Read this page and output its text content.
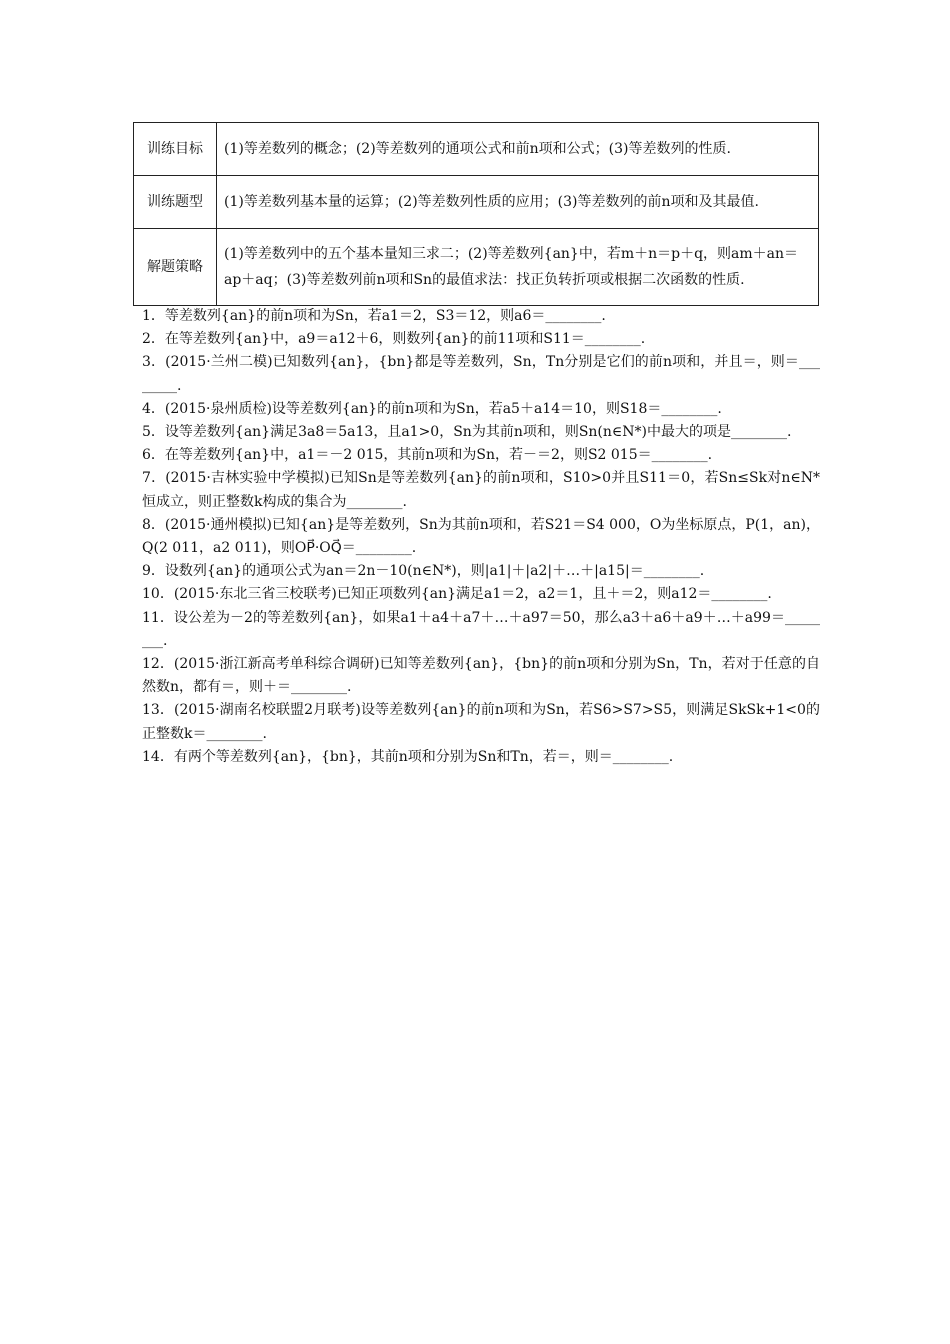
训练目标	(1)等差数列的概念；(2)等差数列的通项公式和前n项和公式；(3)等差数列的性质.
训练题型	(1)等差数列基本量的运算；(2)等差数列性质的应用；(3)等差数列的前n项和及其最值.
解题策略	(1)等差数列中的五个基本量知三求二；(2)等差数列{an}中，若m＋n＝p＋q，则am＋an＝ap＋aq；(3)等差数列前n项和Sn的最值求法：找正负转折项或根据二次函数的性质.

1．等差数列{an}的前n项和为Sn，若a1＝2，S3＝12，则a6＝________.

2．在等差数列{an}中，a9＝a12＋6，则数列{an}的前11项和S11＝________.

3．(2015·兰州二模)已知数列{an}，{bn}都是等差数列，Sn，Tn分别是它们的前n项和，并且＝，则＝________.

4．(2015·泉州质检)设等差数列{an}的前n项和为Sn，若a5＋a14＝10，则S18＝________.

5．设等差数列{an}满足3a8＝5a13，且a1>0，Sn为其前n项和，则Sn(n∈N*)中最大的项是________.

6．在等差数列{an}中，a1＝－2 015，其前n项和为Sn，若－＝2，则S2 015＝________.

7．(2015·吉林实验中学模拟)已知Sn是等差数列{an}的前n项和，S10>0并且S11＝0，若Sn≤Sk对n∈N*恒成立，则正整数k构成的集合为________.

8．(2015·通州模拟)已知{an}是等差数列，Sn为其前n项和，若S21＝S4 000，O为坐标原点，P(1，an)，Q(2 011，a2 011)，则OP⃗·OQ⃗＝________.

9．设数列{an}的通项公式为an＝2n－10(n∈N*)，则|a1|＋|a2|＋…＋|a15|＝________.

10．(2015·东北三省三校联考)已知正项数列{an}满足a1＝2，a2＝1，且＋＝2，则a12＝________.

11．设公差为－2的等差数列{an}，如果a1＋a4＋a7＋…＋a97＝50，那么a3＋a6＋a9＋…＋a99＝________.

12．(2015·浙江新高考单科综合调研)已知等差数列{an}，{bn}的前n项和分别为Sn，Tn，若对于任意的自然数n，都有＝，则＋＝________.

13．(2015·湖南名校联盟2月联考)设等差数列{an}的前n项和为Sn，若S6>S7>S5，则满足SkSk+1<0的正整数k＝________.

14．有两个等差数列{an}，{bn}，其前n项和分别为Sn和Tn，若＝，则＝________.
